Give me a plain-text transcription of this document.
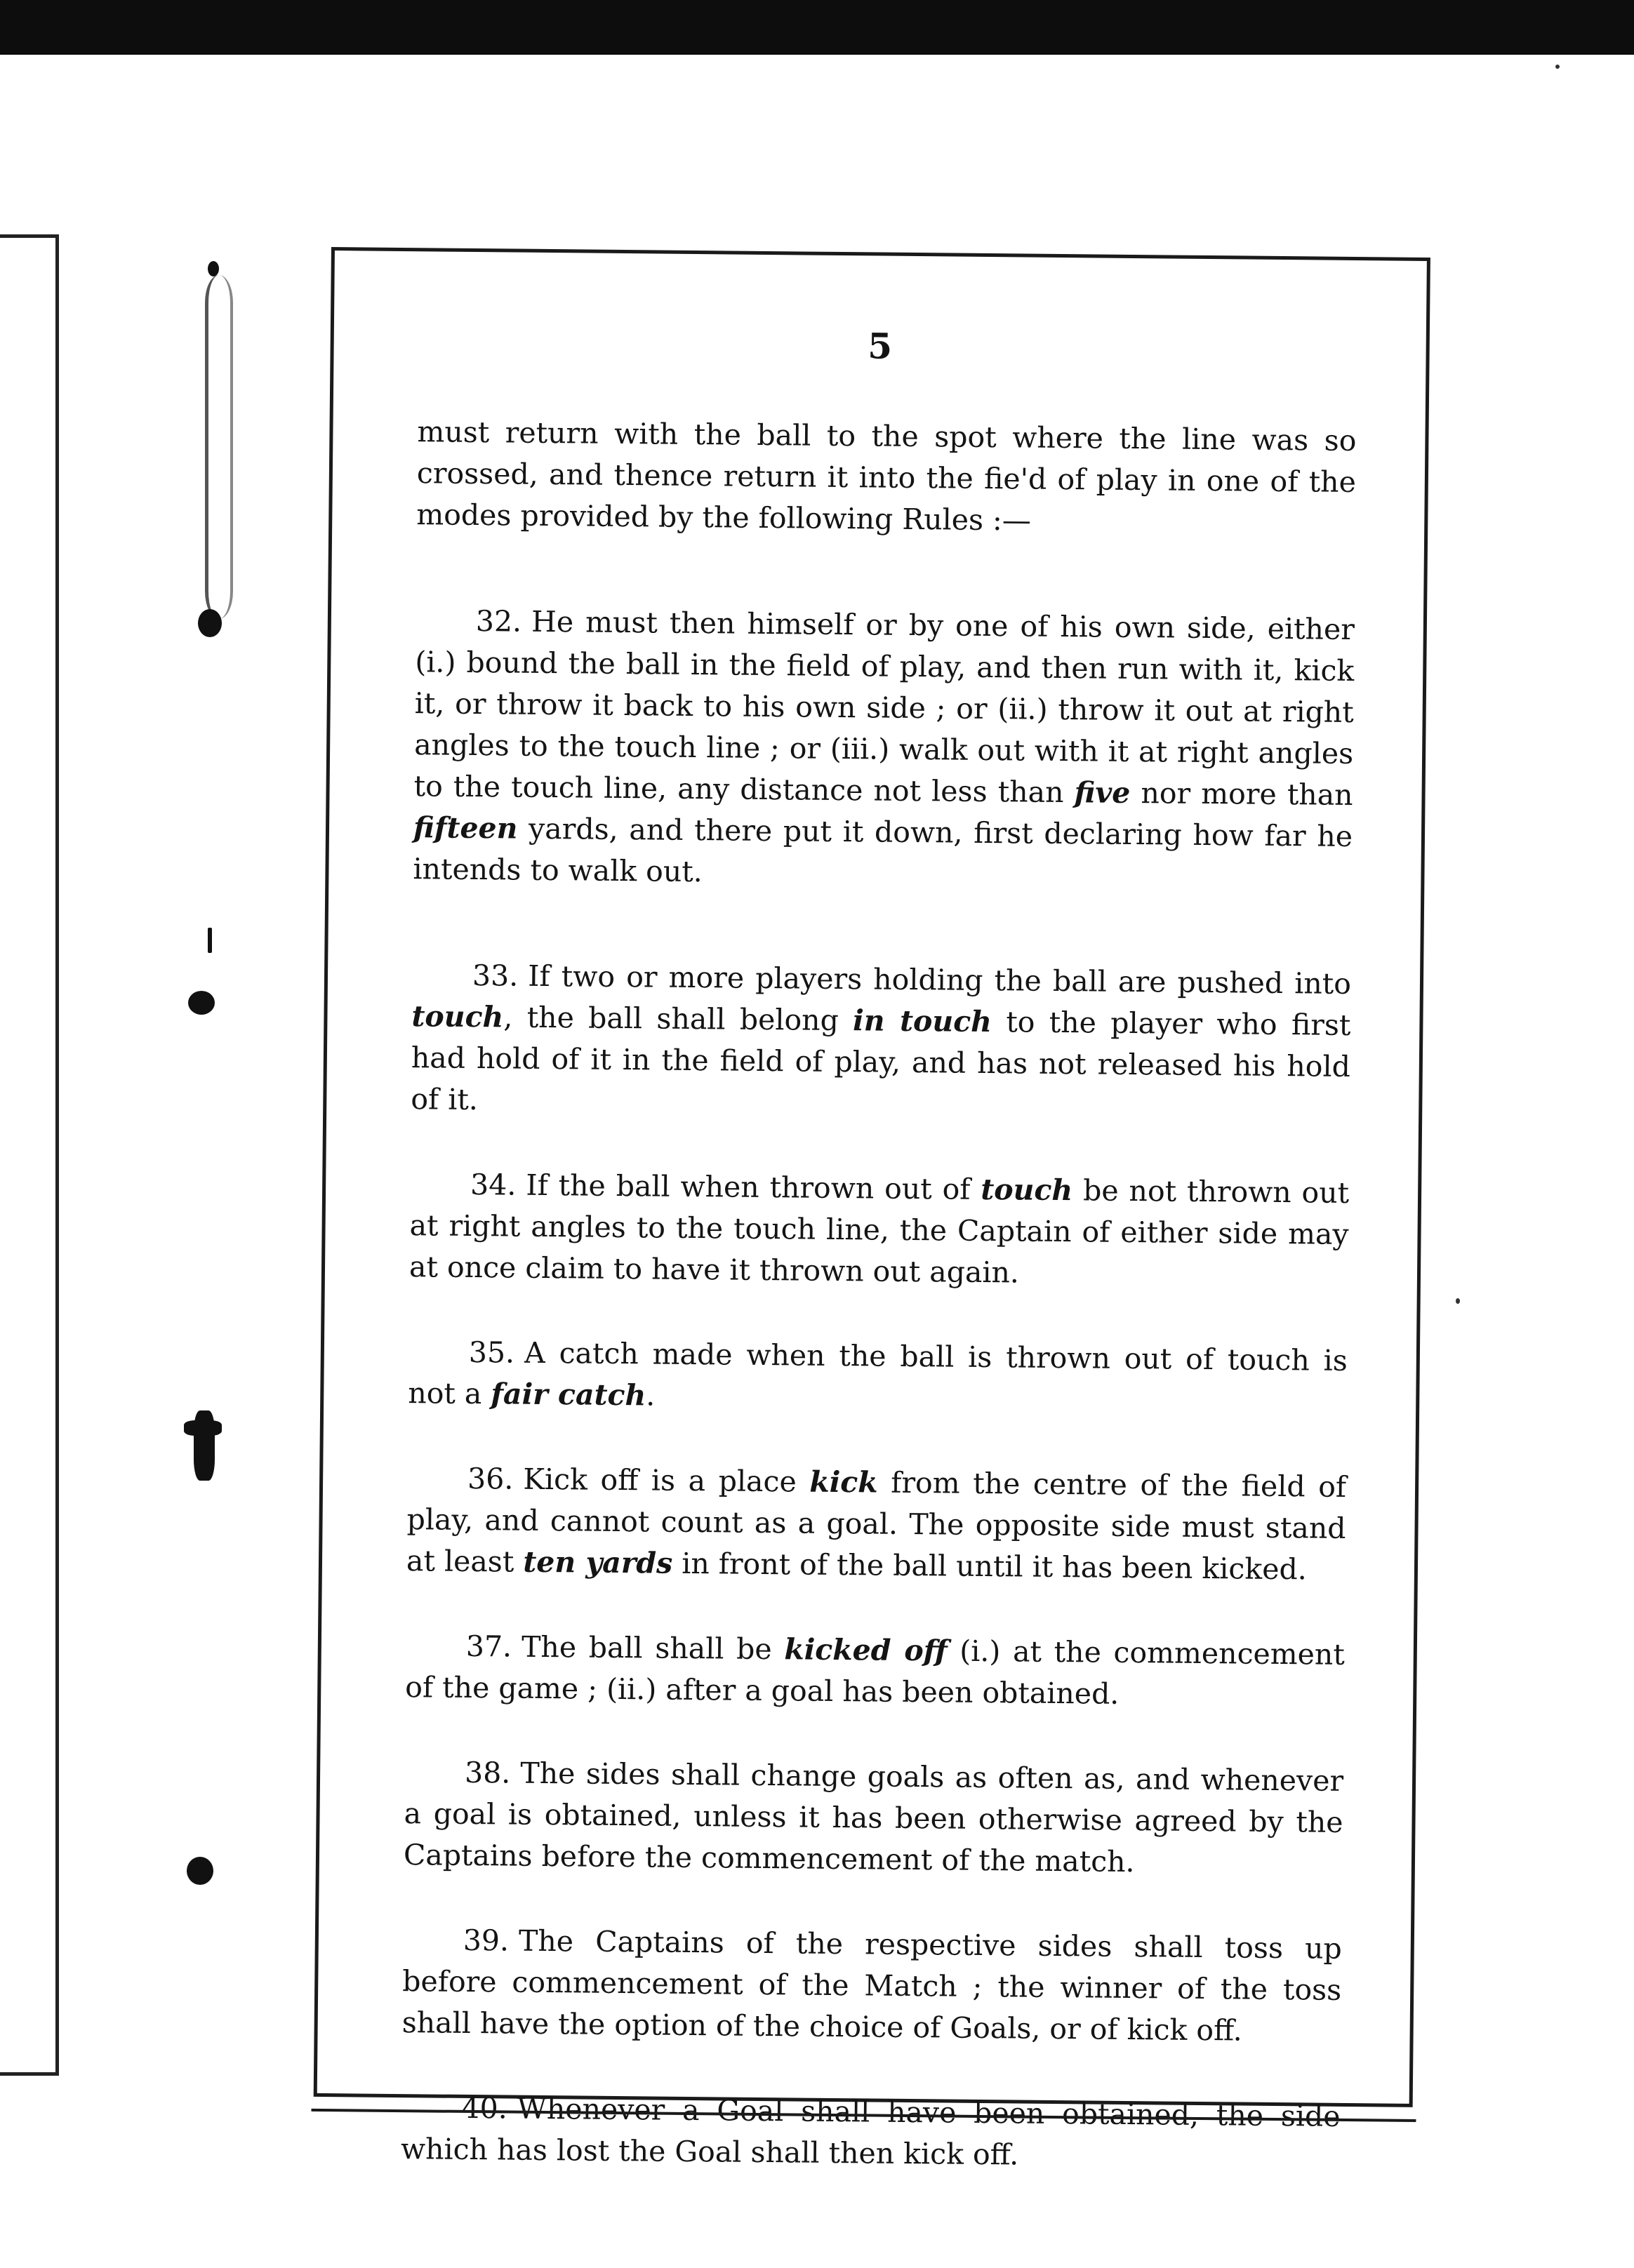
5

must return with the ball to the spot where the line was so crossed, and thence return it into the fie'd of play in one of the modes provided by the following Rules :—

32. He must then himself or by one of his own side, either (i.) bound the ball in the field of play, and then run with it, kick it, or throw it back to his own side ; or (ii.) throw it out at right angles to the touch line ; or (iii.) walk out with it at right angles to the touch line, any distance not less than five nor more than fifteen yards, and there put it down, first declaring how far he intends to walk out.

33. If two or more players holding the ball are pushed into touch, the ball shall belong in touch to the player who first had hold of it in the field of play, and has not released his hold of it.

34. If the ball when thrown out of touch be not thrown out at right angles to the touch line, the Captain of either side may at once claim to have it thrown out again.

35. A catch made when the ball is thrown out of touch is not a fair catch.

36. Kick off is a place kick from the centre of the field of play, and cannot count as a goal. The opposite side must stand at least ten yards in front of the ball until it has been kicked.

37. The ball shall be kicked off (i.) at the commencement of the game ; (ii.) after a goal has been obtained.

38. The sides shall change goals as often as, and whenever a goal is obtained, unless it has been otherwise agreed by the Captains before the commencement of the match.

39. The Captains of the respective sides shall toss up before commencement of the Match ; the winner of the toss shall have the option of the choice of Goals, or of kick off.

40. Whenever a Goal shall have been obtained, the side which has lost the Goal shall then kick off.
